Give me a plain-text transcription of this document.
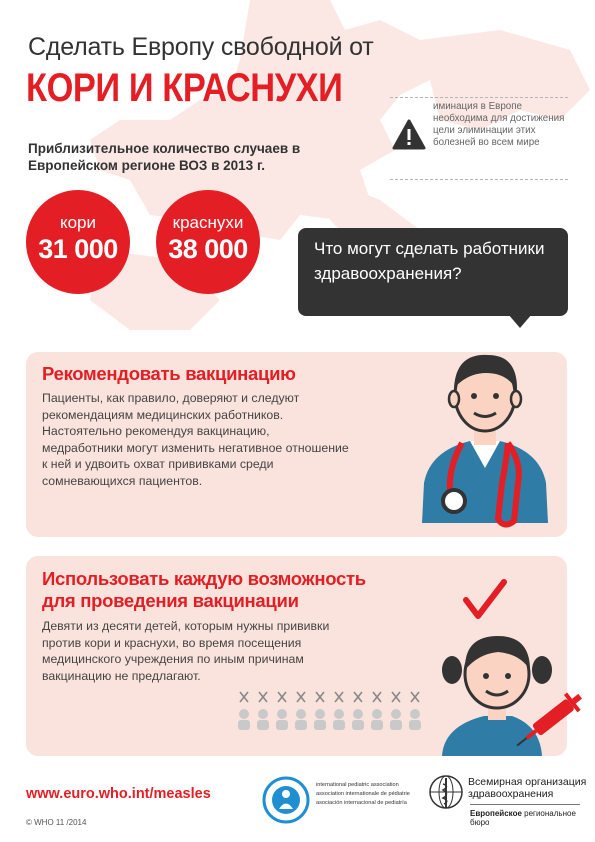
Сделать Европу свободной от
КОРИ И КРАСНУХИ	иминация в Европе необходима для достижения цели элиминации этих болезней во всем мире
Приблизительное количество случаев в Европейском регионе ВОЗ в 2013 г.
кори
31 000
краснухи
38 000	Что могут сделать работники здравоохранения?
Рекомендовать вакцинацию
Пациенты, как правило, доверяют и следуют рекомендациям медицинских работников. Настоятельно рекомендуя вакцинацию, медработники могут изменить негативное отношение к ней и удвоить охват прививками среди сомневающихся пациентов.
Использовать каждую возможность
для проведения вакцинации
Девяти из десяти детей, которым нужны прививки против кори и краснухи, во время посещения медицинского учреждения по иным причинам вакцинацию не предлагают.
www.euro.who.int/measles
© WHO 11 /2014
international pediatric association
association internationale de pédiatrie
asociación internacional de pediatría
Всемирная организация
здравоохранения
Европейское региональное бюро
